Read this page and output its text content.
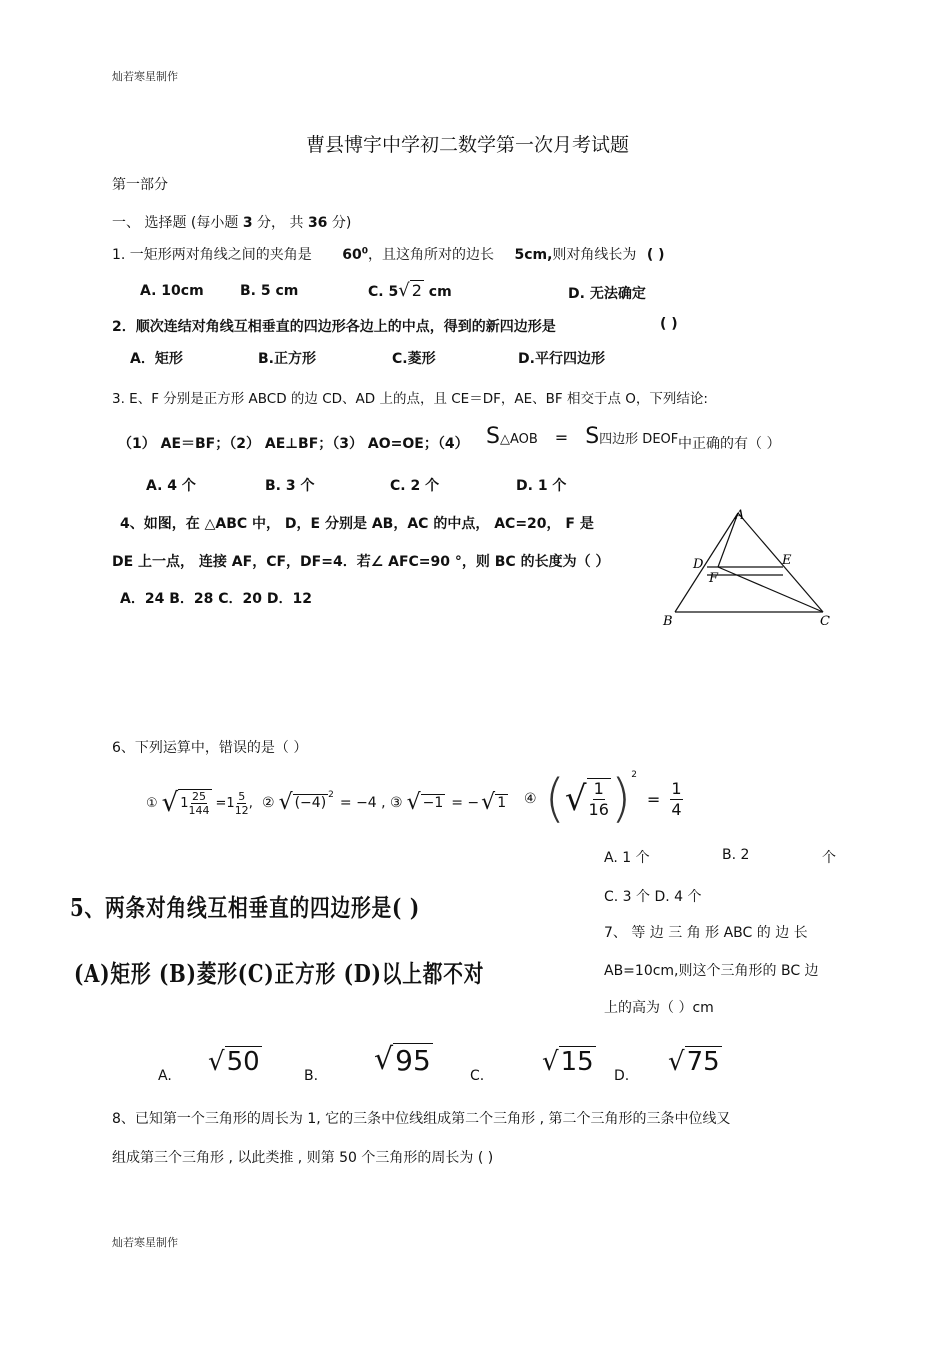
灿若寒星制作
灿若寒星制作
曹县博宇中学初二数学第一次月考试题
第一部分
一、 选择题 (每小题 3 分， 共 36 分)
1. 一矩形两对角线之间的夹角是 $60^0$，且这角所对的边长 5cm,则对角线长为 ( )
A. 10cm	B. 5 cm	C. 5√ 2 cm	D. 无法确定
2．顺次连结对角线互相垂直的四边形各边上的中点，得到的新四边形是	( )
A．矩形	B.正方形	C.菱形	D.平行四边形
3. E、F 分别是正方形 ABCD 的边 CD、AD 上的点，且 CE＝DF，AE、BF 相交于点 O，下列结论:
（1） AE＝BF；（2） AE⊥BF；（3） AO=OE；（4） S△AOB = S四边形 DEOF 中正确的有（ ）
A. 4 个	B. 3 个	C. 2 个	D. 1 个
4、如图，在 △ABC 中， D，E 分别是 AB，AC 的中点， AC=20， F 是
DE 上一点， 连接 AF，CF，DF=4．若∠ AFC=90 °，则 BC 的长度为（ ）
A．24 B．28 C．20 D．12
A
D	E
F
B	C
6、下列运算中，错误的是（ ）
① √ $1 \frac{25}{144} =1 \frac{5}{12}$ , ② √ $(-4)^2 = -4$ , ③ √ −1 = − √ 1 ④ ( √ $\frac{1}{16} )^2$
= $\frac{1}{4}$
A. 1 个	B. 2	个
C. 3 个 D. 4 个
5、两条对角线互相垂直的四边形是( )
(A)矩形 (B)菱形(C)正方形 (D)以上都不对
7、 等 边 三 角 形 ABC 的 边 长
AB=10cm,则这个三角形的 BC 边
上的高为（ ）cm
A. √ 50	B. √ 95	C. √ 15 D. √ 75
8、已知第一个三角形的周长为 1, 它的三条中位线组成第二个三角形 , 第二个三角形的三条中位线又
组成第三个三角形 , 以此类推 , 则第 50 个三角形的周长为 ( )
